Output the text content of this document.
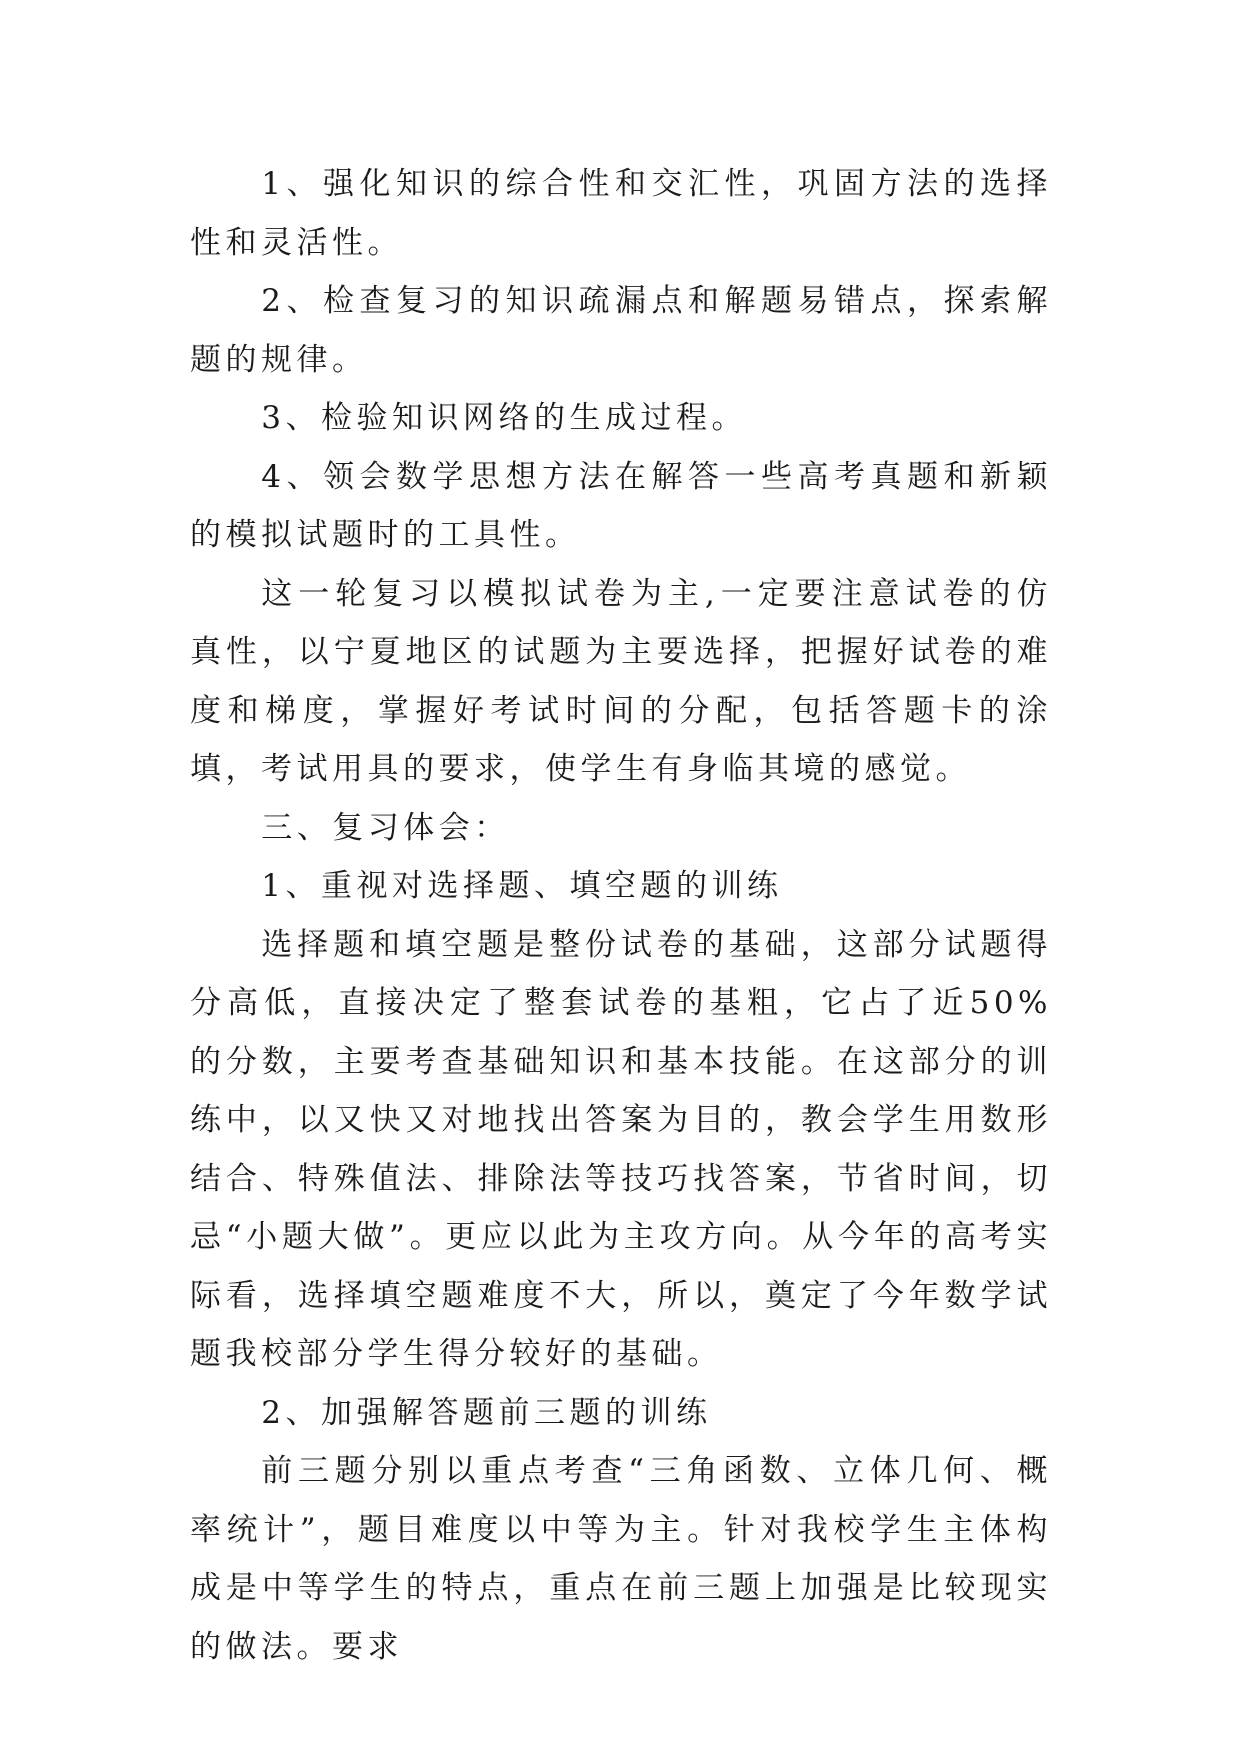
1、强化知识的综合性和交汇性，巩固方法的选择性和灵活性。

2、检查复习的知识疏漏点和解题易错点，探索解题的规律。

3、检验知识网络的生成过程。

4、领会数学思想方法在解答一些高考真题和新颖的模拟试题时的工具性。

这一轮复习以模拟试卷为主,一定要注意试卷的仿真性，以宁夏地区的试题为主要选择，把握好试卷的难度和梯度，掌握好考试时间的分配，包括答题卡的涂填，考试用具的要求，使学生有身临其境的感觉。

三、复习体会：

1、重视对选择题、填空题的训练

选择题和填空题是整份试卷的基础，这部分试题得分高低，直接决定了整套试卷的基粗，它占了近50%的分数，主要考查基础知识和基本技能。在这部分的训练中，以又快又对地找出答案为目的，教会学生用数形结合、特殊值法、排除法等技巧找答案，节省时间，切忌“小题大做”。更应以此为主攻方向。从今年的高考实际看，选择填空题难度不大，所以，奠定了今年数学试题我校部分学生得分较好的基础。

2、加强解答题前三题的训练

前三题分别以重点考查“三角函数、立体几何、概率统计”，题目难度以中等为主。针对我校学生主体构成是中等学生的特点，重点在前三题上加强是比较现实的做法。要求
